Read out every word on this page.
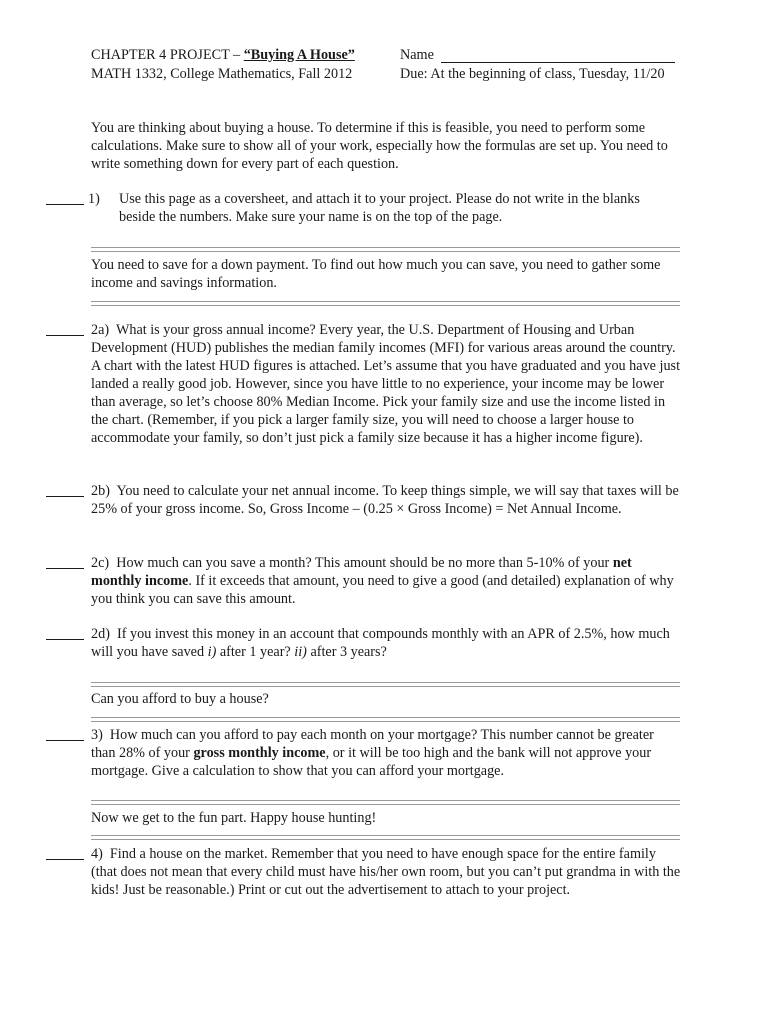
CHAPTER 4 PROJECT – “Buying A House”
MATH 1332, College Mathematics, Fall 2012
Name
Due: At the beginning of class, Tuesday, 11/20
You are thinking about buying a house. To determine if this is feasible, you need to perform some calculations. Make sure to show all of your work, especially how the formulas are set up. You need to write something down for every part of each question.
1)	Use this page as a coversheet, and attach it to your project. Please do not write in the blanks beside the numbers. Make sure your name is on the top of the page.
You need to save for a down payment. To find out how much you can save, you need to gather some income and savings information.
2a) What is your gross annual income? Every year, the U.S. Department of Housing and Urban Development (HUD) publishes the median family incomes (MFI) for various areas around the country. A chart with the latest HUD figures is attached. Let’s assume that you have graduated and you have just landed a really good job. However, since you have little to no experience, your income may be lower than average, so let’s choose 80% Median Income. Pick your family size and use the income listed in the chart. (Remember, if you pick a larger family size, you will need to choose a larger house to accommodate your family, so don’t just pick a family size because it has a higher income figure).
2b) You need to calculate your net annual income. To keep things simple, we will say that taxes will be 25% of your gross income. So, Gross Income – (0.25 × Gross Income) = Net Annual Income.
2c) How much can you save a month? This amount should be no more than 5-10% of your net monthly income. If it exceeds that amount, you need to give a good (and detailed) explanation of why you think you can save this amount.
2d) If you invest this money in an account that compounds monthly with an APR of 2.5%, how much will you have saved i) after 1 year? ii) after 3 years?
Can you afford to buy a house?
3) How much can you afford to pay each month on your mortgage? This number cannot be greater than 28% of your gross monthly income, or it will be too high and the bank will not approve your mortgage. Give a calculation to show that you can afford your mortgage.
Now we get to the fun part. Happy house hunting!
4) Find a house on the market. Remember that you need to have enough space for the entire family (that does not mean that every child must have his/her own room, but you can’t put grandma in with the kids! Just be reasonable.) Print or cut out the advertisement to attach to your project.
